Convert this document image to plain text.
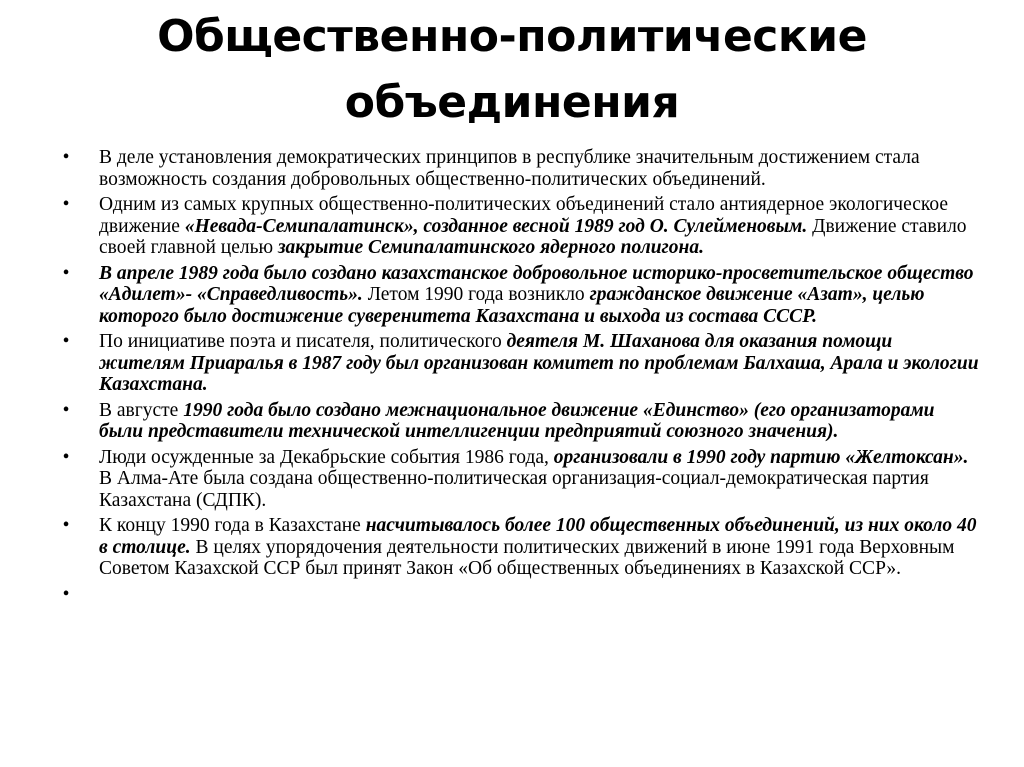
Общественно-политические
объединения
• В деле установления демократических принципов в республике значительным достижением стала возможность создания добровольных общественно-политических объединений.
• Одним из самых крупных общественно-политических объединений стало антиядерное экологическое движение «Невада-Семипалатинск», созданное весной 1989 год О. Сулейменовым. Движение ставило своей главной целью закрытие Семипалатинского ядерного полигона.
• В апреле 1989 года было создано казахстанское добровольное историко-просветительское общество «Адилет»- «Справедливость». Летом 1990 года возникло гражданское движение «Азат», целью которого было достижение суверенитета Казахстана и выхода из состава СССР.
• По инициативе поэта и писателя, политического деятеля М. Шаханова для оказания помощи жителям Приаралья в 1987 году был организован комитет по проблемам Балхаша, Арала и экологии Казахстана.
• В августе 1990 года было создано межнациональное движение «Единство» (его организаторами были представители технической интеллигенции предприятий союзного значения).
• Люди осужденные за Декабрьские события 1986 года, организовали в 1990 году партию «Желтоксан». В Алма-Ате была создана общественно-политическая организация-социал-демократическая партия Казахстана (СДПК).
• К концу 1990 года в Казахстане насчитывалось более 100 общественных объединений, из них около 40 в столице. В целях упорядочения деятельности политических движений в июне 1991 года Верховным Советом Казахской ССР был принят Закон «Об общественных объединениях в Казахской ССР».
•
